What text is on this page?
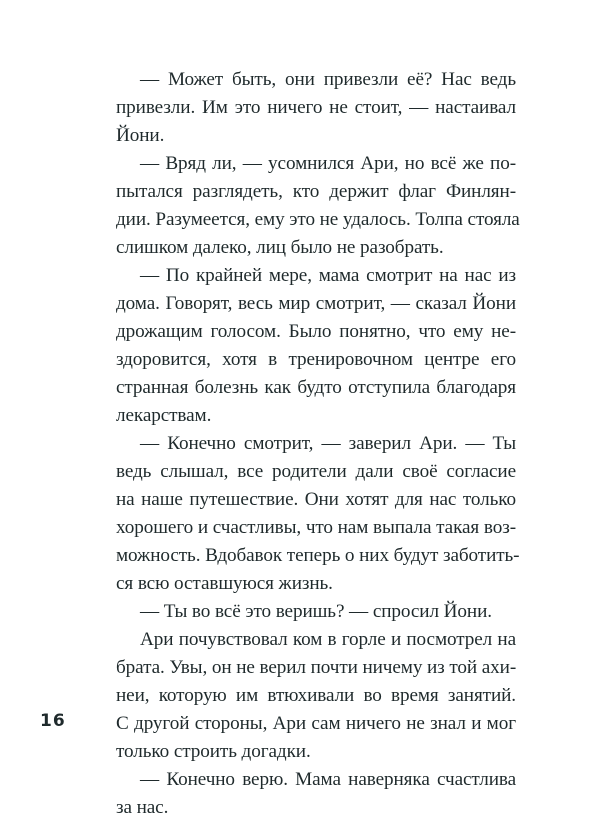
— Может быть, они привезли её? Нас ведь
привезли. Им это ничего не стоит, — настаивал
Йони.
— Вряд ли, — усомнился Ари, но всё же по-
пытался разглядеть, кто держит флаг Финлян-
дии. Разумеется, ему это не удалось. Толпа стояла
слишком далеко, лиц было не разобрать.
— По крайней мере, мама смотрит на нас из
дома. Говорят, весь мир смотрит, — сказал Йони
дрожащим голосом. Было понятно, что ему не-
здоровится, хотя в тренировочном центре его
странная болезнь как будто отступила благодаря
лекарствам.
— Конечно смотрит, — заверил Ари. — Ты
ведь слышал, все родители дали своё согласие
на наше путешествие. Они хотят для нас только
хорошего и счастливы, что нам выпала такая воз-
можность. Вдобавок теперь о них будут заботить-
ся всю оставшуюся жизнь.
— Ты во всё это веришь? — спросил Йони.
Ари почувствовал ком в горле и посмотрел на
брата. Увы, он не верил почти ничему из той ахи-
неи, которую им втюхивали во время занятий.
С другой стороны, Ари сам ничего не знал и мог
только строить догадки.
— Конечно верю. Мама наверняка счастлива
за нас.
16
